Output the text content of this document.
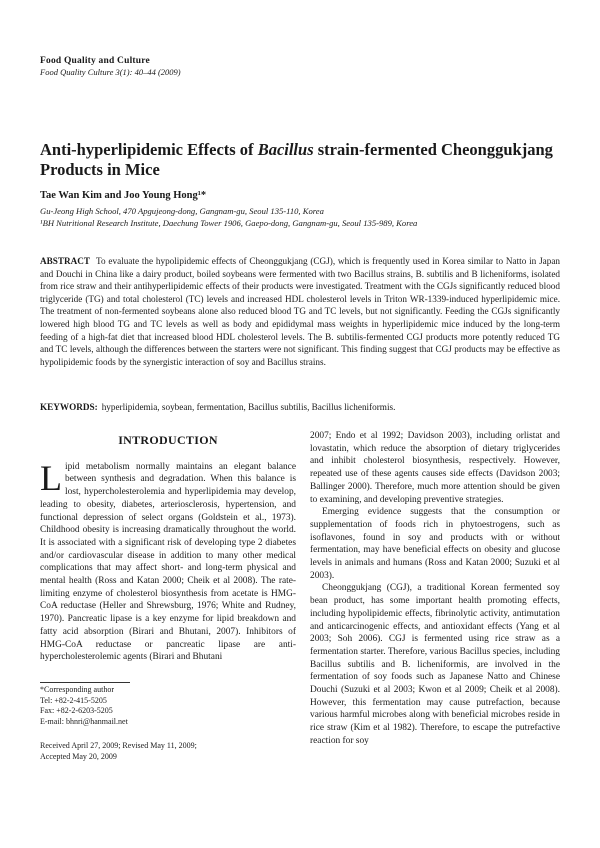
Food Quality and Culture
Food Quality Culture 3(1): 40–44 (2009)
Anti-hyperlipidemic Effects of Bacillus strain-fermented Cheonggukjang Products in Mice
Tae Wan Kim and Joo Young Hong¹*
Gu-Jeong High School, 470 Apgujeong-dong, Gangnam-gu, Seoul 135-110, Korea
¹BH Nutritional Research Institute, Daechung Tower 1906, Gaepo-dong, Gangnam-gu, Seoul 135-989, Korea
ABSTRACT To evaluate the hypolipidemic effects of Cheonggukjang (CGJ), which is frequently used in Korea similar to Natto in Japan and Douchi in China like a dairy product, boiled soybeans were fermented with two Bacillus strains, B. subtilis and B licheniforms, isolated from rice straw and their antihyperlipidemic effects of their products were investigated. Treatment with the CGJs significantly reduced blood triglyceride (TG) and total cholesterol (TC) levels and increased HDL cholesterol levels in Triton WR-1339-induced hyperlipidemic mice. The treatment of non-fermented soybeans alone also reduced blood TG and TC levels, but not significantly. Feeding the CGJs significantly lowered high blood TG and TC levels as well as body and epididymal mass weights in hyperlipidemic mice induced by the long-term feeding of a high-fat diet that increased blood HDL cholesterol levels. The B. subtilis-fermented CGJ products more potently reduced TG and TC levels, although the differences between the starters were not significant. This finding suggest that CGJ products may be effective as hypolipidemic foods by the synergistic interaction of soy and Bacillus strains.
KEYWORDS: hyperlipidemia, soybean, fermentation, Bacillus subtilis, Bacillus licheniformis.
INTRODUCTION

Lipid metabolism normally maintains an elegant balance between synthesis and degradation. When this balance is lost, hypercholesterolemia and hyperlipidemia may develop, leading to obesity, diabetes, arteriosclerosis, hypertension, and functional depression of select organs (Goldstein et al., 1973). Childhood obesity is increasing dramatically throughout the world. It is associated with a significant risk of developing type 2 diabetes and/or cardiovascular disease in addition to many other medical complications that may affect short- and long-term physical and mental health (Ross and Katan 2000; Cheik et al 2008). The rate-limiting enzyme of cholesterol biosynthesis from acetate is HMG-CoA reductase (Heller and Shrewsburg, 1976; White and Rudney, 1970). Pancreatic lipase is a key enzyme for lipid breakdown and fatty acid absorption (Birari and Bhutani, 2007). Inhibitors of HMG-CoA reductase or pancreatic lipase are anti-hypercholesterolemic agents (Birari and Bhutani

*Corresponding author
Tel: +82-2-415-5205
Fax: +82-2-6203-5205
E-mail: bhnri@hanmail.net
Received April 27, 2009; Revised May 11, 2009;
Accepted May 20, 2009

2007; Endo et al 1992; Davidson 2003), including orlistat and lovastatin, which reduce the absorption of dietary triglycerides and inhibit cholesterol biosynthesis, respectively. However, repeated use of these agents causes side effects (Davidson 2003; Ballinger 2000). Therefore, much more attention should be given to examining, and developing preventive strategies.

Emerging evidence suggests that the consumption or supplementation of foods rich in phytoestrogens, such as isoflavones, found in soy and products with or without fermentation, may have beneficial effects on obesity and glucose levels in animals and humans (Ross and Katan 2000; Suzuki et al 2003).

Cheonggukjang (CGJ), a traditional Korean fermented soy bean product, has some important health promoting effects, including hypolipidemic effects, fibrinolytic activity, antimutation and anticarcinogenic effects, and antioxidant effects (Yang et al 2003; Soh 2006). CGJ is fermented using rice straw as a fermentation starter. Therefore, various Bacillus species, including Bacillus subtilis and B. licheniformis, are involved in the fermentation of soy foods such as Japanese Natto and Chinese Douchi (Suzuki et al 2003; Kwon et al 2009; Cheik et al 2008). However, this fermentation may cause putrefaction, because various harmful microbes along with beneficial microbes reside in rice straw (Kim et al 1982). Therefore, to escape the putrefactive reaction for soy
